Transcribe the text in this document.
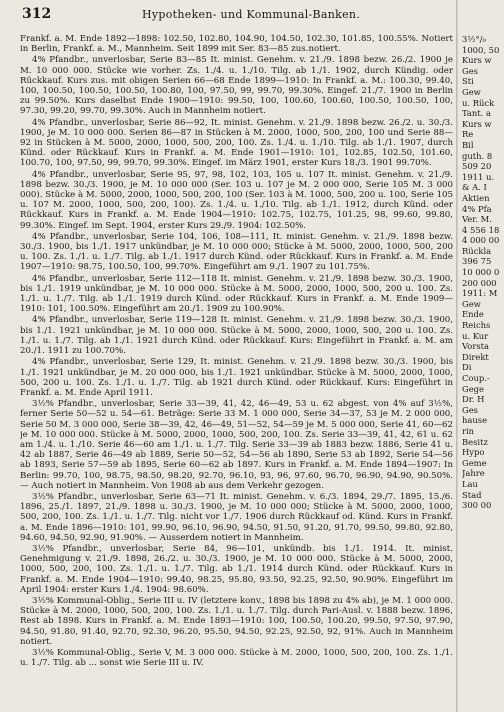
312	Hypotheken- und Kommunal-Banken.

Frankf. a. M. Ende 1892—1898: 102.50, 102.80, 104.90, 104.50, 102.30, 101.85, 100.55%. Notiert in Berlin, Frankf. a. M., Mannheim. Seit 1899 mit Ser. 83—85 zus.notiert.

4% Pfandbr., unverlosbar, Serie 83—85 It. minist. Genehm. v. 21./9. 1898 bezw. 26./2. 1900 je M. 10 000 000. Stücke wie vorher. Zs. 1./4. u. 1./10. Tilg. ab 1./1. 1902, durch Kündig. oder Rückkauf. Kurs zus. mit obigen Serien 66—68 Ende 1899—1910: In Frankf. a. M.: 100.30, 99.40, 100, 100.50, 100.50, 100.50, 100.80, 100, 97.50, 99, 99.70, 99.30%. Eingef. 21./7. 1900 in Berlin zu 99.50%. Kurs daselbst Ende 1900—1910: 99.50, 100, 100.60, 100.60, 100.50, 100.50, 100, 97.30, 99.20, 99.70, 99.30%. Auch in Mannheim notiert.

4% Pfandbr., unverlosbar, Serie 86—92, It. minist. Genehm. v. 21./9. 1898 bezw. 26./2. u. 30./3. 1900, je M. 10 000 000. Serien 86—87 in Stücken à M. 2000, 1000, 500, 200, 100 und Serie 88—92 in Stücken à M. 5000, 2000, 1000, 500, 200, 100. Zs. 1./4. u. 1./10. Tilg. ab 1./1. 1907, durch Künd. oder Rückkauf. Kurs in Frankf. a. M. Ende 1901—1910: 101, 102.85, 102.50, 101.60, 100.70, 100, 97.50, 99, 99.70, 99.30%. Eingef. im März 1901, erster Kurs 18./3. 1901 99.70%.

4% Pfandbr., unverlosbar, Serie 95, 97, 98, 102, 103, 105 u. 107 It. minist. Genehm. v. 21./9. 1898 bezw. 30./3. 1900, je M. 10 000 000 (Ser. 103 u. 107 je M. 2 000 000, Serie 105 M. 3 000 000). Stücke à M. 5000, 2000, 1000, 500, 200, 100 (Ser. 103 à M. 1000, 500, 200 u. 100, Serie 105 u. 107 M. 2000, 1000, 500, 200, 100). Zs. 1./4. u. 1./10. Tilg. ab 1./1. 1912, durch Künd. oder Rückkauf. Kurs in Frankf. a. M. Ende 1904—1910: 102.75, 102.75, 101.25, 98, 99.60, 99.80, 99.30%. Eingef. im Sept. 1904, erster Kurs 29./9. 1904: 102.50%.

4% Pfandbr., unverlosbar, Serie 104, 106, 108—111, It. minist. Genehm. v. 21./9. 1898 bezw. 30./3. 1900, bis 1./1. 1917 unkündbar, je M. 10 000 000; Stücke à M. 5000, 2000, 1000, 500, 200 u. 100. Zs. 1./1. u. 1./7. Tilg. ab 1./1. 1917 durch Künd. oder Rückkauf. Kurs in Frankf. a. M. Ende 1907—1910: 98.75, 100.50, 100, 99.70%. Eingeführt am 9./1. 1907 zu 101.75%.

4% Pfandbr., unverlosbar, Serie 112—118 It. minist. Genehm. v. 21./9. 1898 bezw. 30./3. 1900, bis 1./1. 1919 unkündbar, je M. 10 000 000. Stücke à M. 5000, 2000, 1000, 500, 200 u. 100. Zs. 1./1. u. 1./7. Tilg. ab 1./1. 1919 durch Künd. oder Rückkauf. Kurs in Frankf. a. M. Ende 1909—1910: 101, 100.50%. Eingeführt am 20./1. 1909 zu 100.90%.

4% Pfandbr., unverlosbar, Serie 119—128 It. minist. Genehm. v. 21./9. 1898 bezw. 30./3. 1900, bis 1./1. 1921 unkündbar, je M. 10 000 000. Stücke à M. 5000, 2000, 1000, 500, 200 u. 100. Zs. 1./1. u. 1./7. Tilg. ab 1./1. 1921 durch Künd. oder Rückkauf. Kurs: Eingeführt in Frankf. a. M. am 20./1. 1911 zu 100.70%.

4% Pfandbr., unverlosbar, Serie 129, It. minist. Genehm. v. 21./9. 1898 bezw. 30./3. 1900, bis 1./1. 1921 unkündbar, je M. 20 000 000, bis 1./1. 1921 unkündbar. Stücke à M. 5000, 2000, 1000, 500, 200 u. 100. Zs. 1./1. u. 1./7. Tilg. ab 1921 durch Künd. oder Rückkauf. Kurs: Eingeführt in Frankf. a. M. Ende April 1911.

3½% Pfandbr., unverlosbar, Serie 33—39, 41, 42, 46—49, 53 u. 62 abgest. von 4% auf 3½%, ferner Serie 50—52 u. 54—61. Beträge: Serie 33 M. 1 000 000, Serie 34—37, 53 je M. 2 000 000, Serie 50 M. 3 000 000, Serie 38—39, 42, 46—49, 51—52, 54—59 je M. 5 000 000, Serie 41, 60—62 je M. 10 000 000. Stücke à M. 5000, 2000, 1000, 500, 200, 100. Zs. Serie 33—39, 41, 42, 61 u. 62 am 1./4. u. 1./10. Serie 46—60 am 1./1. u. 1./7. Tilg. Serie 33—39 ab 1883 bezw. 1886, Serie 41 u. 42 ab 1887, Serie 46—49 ab 1889, Serie 50—52, 54—56 ab 1890, Serie 53 ab 1892, Serie 54—56 ab 1893, Serie 57—59 ab 1895, Serie 60—62 ab 1897. Kurs in Frankf. a. M. Ende 1894—1907: In Berlin: 99.70, 100, 98.75, 98.50, 98.20, 92.70, 96.10, 93, 96, 97.60, 96.70, 96.90, 94.90, 90.50%. — Auch notiert in Mannheim. Von 1908 ab aus dem Verkehr gezogen.

3½% Pfandbr., unverlosbar, Serie 63—71 It. minist. Genehm. v. 6./3. 1894, 29./7. 1895, 15./6. 1896, 25./1. 1897, 21./9. 1898 u. 30./3. 1900, je M. 10 000 000; Stücke à M. 5000, 2000, 1000, 500, 200, 100. Zs. 1./1. u. 1./7. Tilg. nicht vor 1./7. 1906 durch Rückkauf od. Künd. Kurs in Frankf. a. M. Ende 1896—1910: 101, 99.90, 96.10, 96.90, 94.50, 91.50, 91.20, 91.70, 99.50, 99.80, 92.80, 94.60, 94.50, 92.90, 91.90%. — Ausserdem notiert in Mannheim.

3½% Pfandbr., unverlosbar, Serie 84, 96—101, unkündb. bis 1./1. 1914. It. minist. Genehmigung v. 21./9. 1898, 26./2. u. 30./3. 1900, je M. 10 000 000. Stücke à M. 5000, 2000, 1000, 500, 200, 100. Zs. 1./1. u. 1./7. Tilg. ab 1./1. 1914 durch Künd. oder Rückkauf. Kurs in Frankf. a. M. Ende 1904—1910: 99.40, 98.25, 95.80, 93.50, 92.25, 92.50, 90.90%. Eingeführt im April 1904: erster Kurs 1./4. 1904: 98.60%.

3½% Kommunal-Oblig., Serie III u. IV (letztere konv., 1898 bis 1898 zu 4% ab), je M. 1 000 000. Stücke à M. 2000, 1000, 500, 200, 100. Zs. 1./1. u. 1./7. Tilg. durch Pari-Ausl. v. 1888 bezw. 1896, Rest ab 1898. Kurs in Frankf. a. M. Ende 1893—1910: 100, 100.50, 100.20, 99.50, 97.50, 97.90, 94.50, 91.80, 91.40, 92.70, 92.30, 96.20, 95.50, 94.50, 92.25, 92.50, 92, 91%. Auch in Mannheim notiert.

3½% Kommunal-Oblig., Serie V, M. 3 000 000. Stücke à M. 2000, 1000, 500, 200, 100. Zs. 1./1. u. 1./7. Tilg. ab ... sonst wie Serie III u. IV.

3½°/₀
1000, 50
Kurs w
Ges
Sti
Gew
u. Rück
Tant. a
Kurs w
Re
Bil
guth. 8
509 20
1911 u.
& A. I
Aktien
4% Pfa
Ver. M.
4 556 18
4 000 00
Rückla
396 75
10 000 0
200 000
1911: M
Gew
Ende
Reichs
u. Kur
Vorsta
Direkt
Di
Coup.-
Gege
Dr. H
Ges
hause
rin
Besitz
Hypo
Geme
Jahre
Lau
Stad
300 00
